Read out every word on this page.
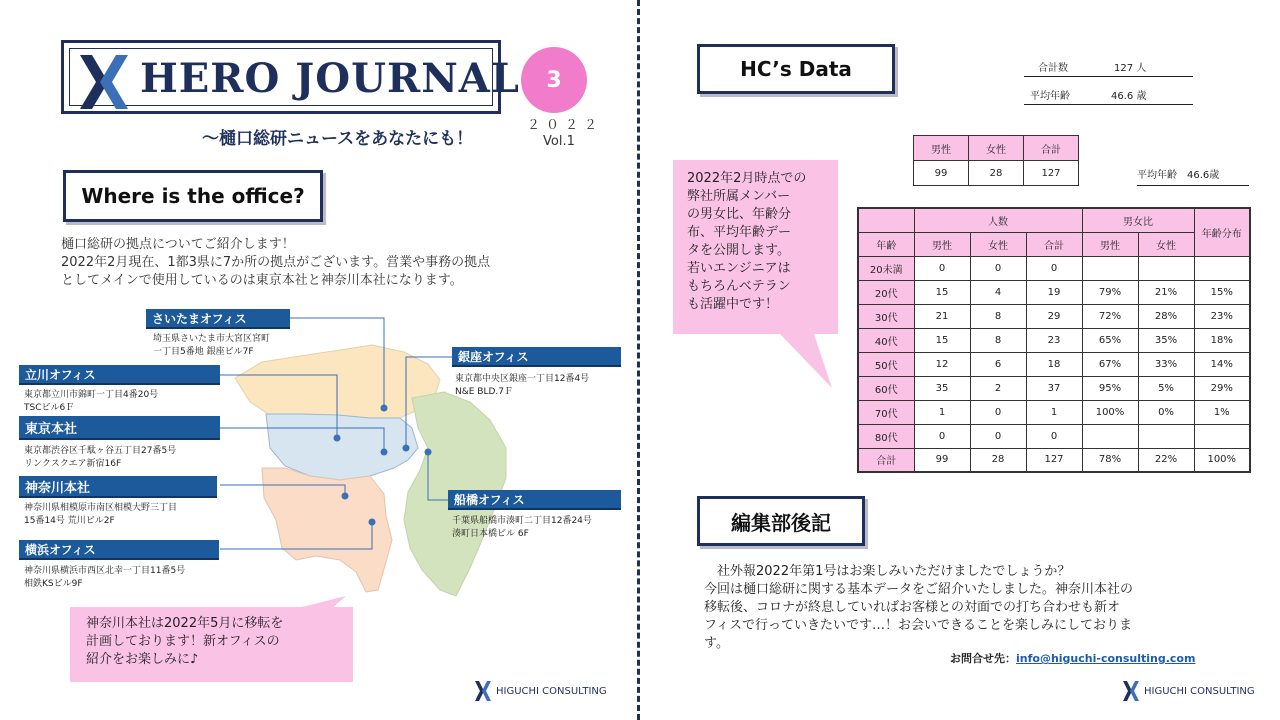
HERO JOURNAL	3
２０２２
Vol.1
～樋口総研ニュースをあなたにも！
Where is the office?
樋口総研の拠点についてご紹介します！
2022年2月現在、1都3県に7か所の拠点がございます。営業や事務の拠点
としてメインで使用しているのは東京本社と神奈川本社になります。
さいたまオフィス
埼玉県さいたま市大宮区宮町
一丁目5番地 銀座ビル7F
立川オフィス
東京都立川市錦町一丁目4番20号
TSCビル6Ｆ
東京本社
東京都渋谷区千駄ヶ谷五丁目27番5号
リンクスクエア新宿16F
神奈川本社
神奈川県相模原市南区相模大野三丁目
15番14号 荒川ビル2F
横浜オフィス
神奈川県横浜市西区北幸一丁目11番5号
相鉄KSビル9F
銀座オフィス
東京都中央区銀座一丁目12番4号
N&E BLD.7Ｆ
船橋オフィス
千葉県船橋市湊町二丁目12番24号
湊町日本橋ビル 6F
神奈川本社は2022年5月に移転を
計画しております！新オフィスの
紹介をお楽しみに♪
HIGUCHI CONSULTING
HC’s Data	合計数	127 人
平均年齢	46.6 歳
2022年2月時点での
弊社所属メンバー
の男女比、年齢分
布、平均年齢デー
タを公開します。
若いエンジニアは
もちろんベテラン
も活躍中です！
男性	女性	合計
99	28	127	平均年齢　46.6歳
	人数			男女比		年齢分布
年齢	男性	女性	合計	男性	女性	
20未満	0	0	0			
20代	15	4	19	79%	21%	15%
30代	21	8	29	72%	28%	23%
40代	15	8	23	65%	35%	18%
50代	12	6	18	67%	33%	14%
60代	35	2	37	95%	5%	29%
70代	1	0	1	100%	0%	1%
80代	0	0	0			
合計	99	28	127	78%	22%	100%
編集部後記
　社外報2022年第1号はお楽しみいただけましたでしょうか？
今回は樋口総研に関する基本データをご紹介いたしました。神奈川本社の
移転後、コロナが終息していればお客様との対面での打ち合わせも新オ
フィスで行っていきたいです…！お会いできることを楽しみにしておりま
す。
お問合せ先：info@higuchi-consulting.com
HIGUCHI CONSULTING
